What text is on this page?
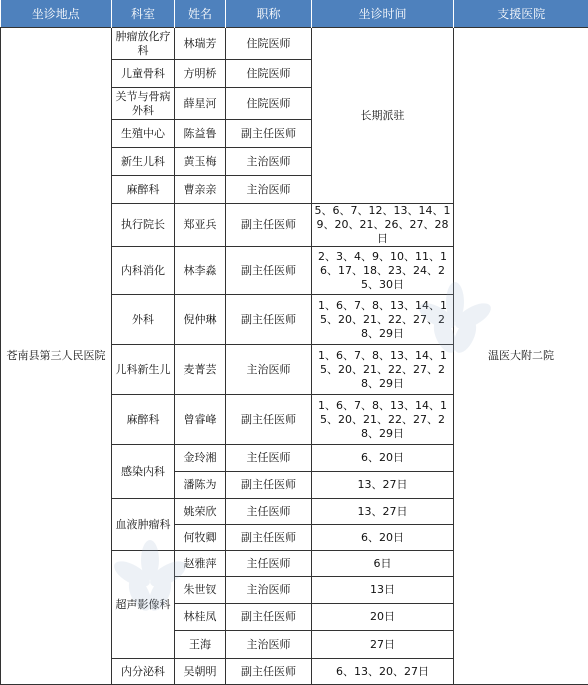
坐诊地点	科室	姓名	职称	坐诊时间	支援医院
苍南县第三人民医院	肿瘤放化疗科	林瑞芳	住院医师	长期派驻	温医大附二院
	儿童骨科	方明桥	住院医师		
	关节与骨病外科	薛星河	住院医师		
	生殖中心	陈益鲁	副主任医师		
	新生儿科	黄玉梅	主治医师		
	麻醉科	曹亲亲	主治医师		
	执行院长	郑亚兵	副主任医师	5、6、7、12、13、14、19、20、21、26、27、28日	
	内科消化	林李淼	副主任医师	2、3、4、9、10、11、16、17、18、23、24、25、30日	
	外科	倪仲琳	副主任医师	1、6、7、8、13、14、15、20、21、22、27、28、29日	
	儿科新生儿	麦菁芸	主治医师	1、6、7、8、13、14、15、20、21、22、27、28、29日	
	麻醉科	曾睿峰	副主任医师	1、6、7、8、13、14、15、20、21、22、27、28、29日	
	感染内科	金玲湘	主任医师	6、20日	
		潘陈为	副主任医师	13、27日	
	血液肿瘤科	姚荣欣	主任医师	13、27日	
		何牧卿	副主任医师	6、20日	
	超声影像科	赵雅萍	主任医师	6日	
		朱世钗	主治医师	13日	
		林桂凤	副主任医师	20日	
		王海	主治医师	27日	
	内分泌科	吴朝明	副主任医师	6、13、20、27日	
